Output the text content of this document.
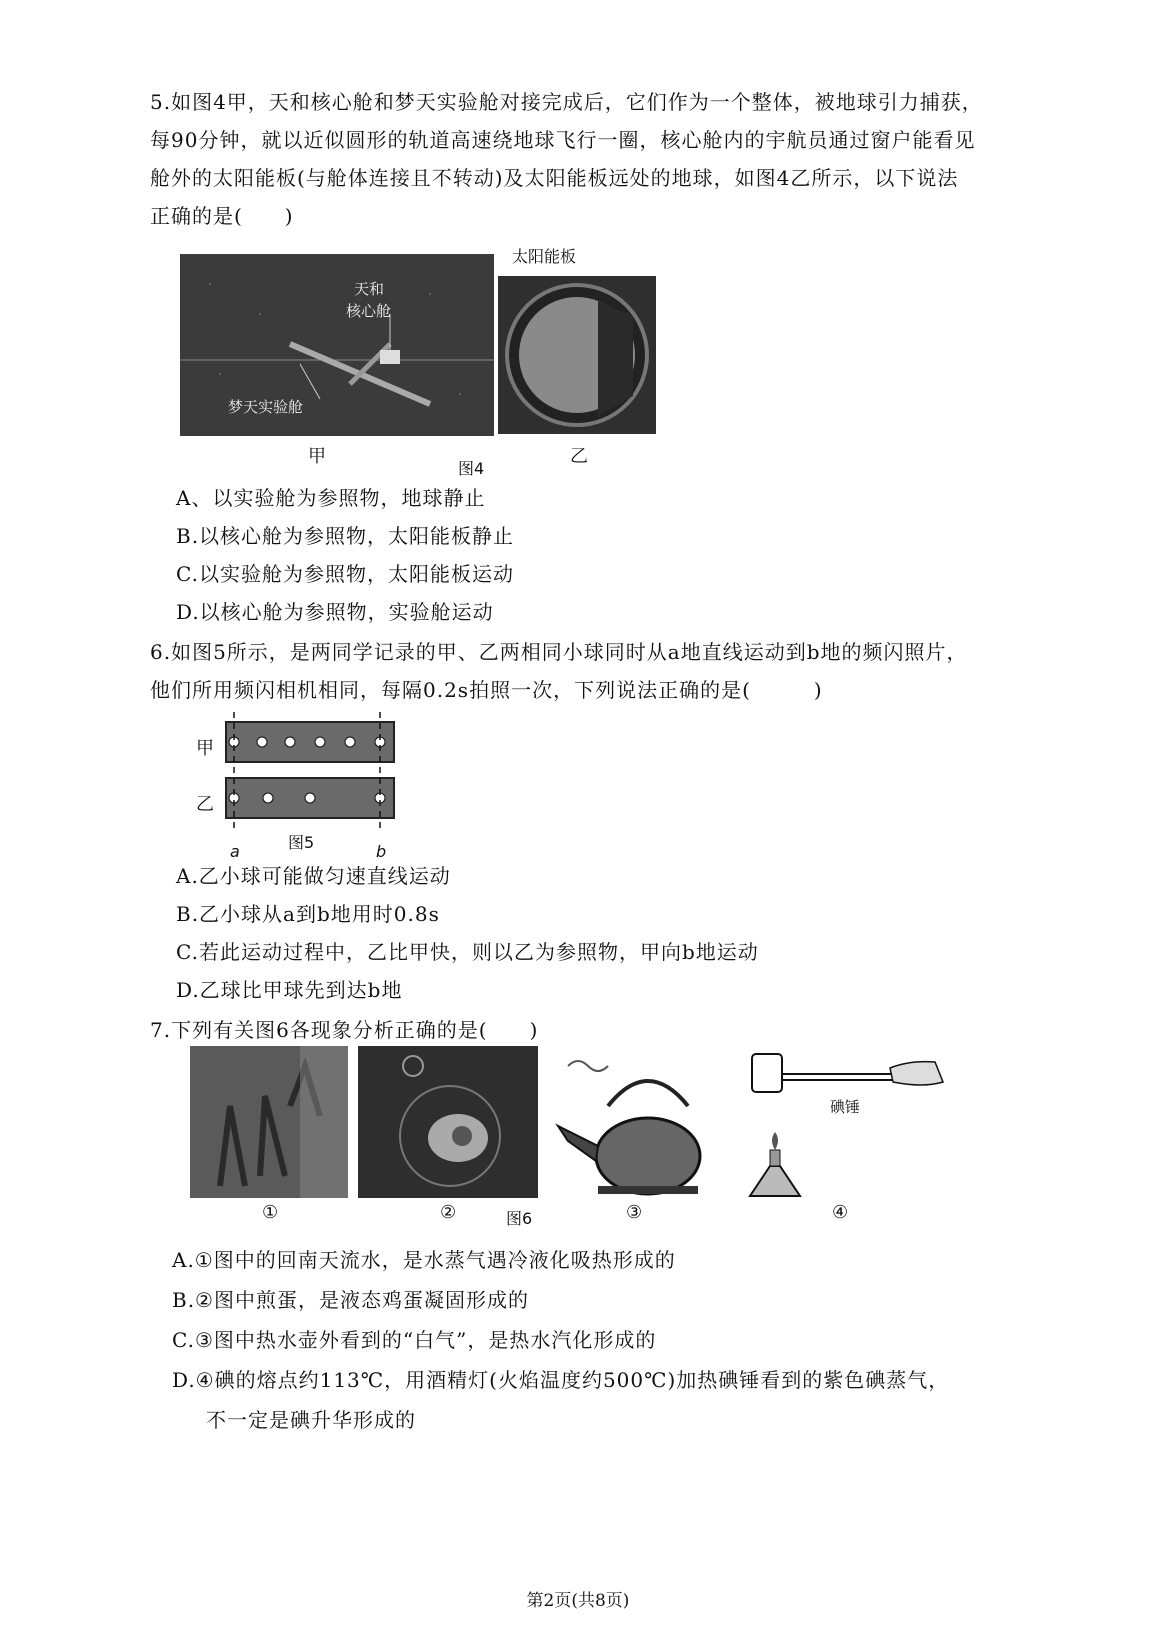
5.如图4甲，天和核心舱和梦天实验舱对接完成后，它们作为一个整体，被地球引力捕获，
每90分钟，就以近似圆形的轨道高速绕地球飞行一圈，核心舱内的宇航员通过窗户能看见
舱外的太阳能板(与舱体连接且不转动)及太阳能板远处的地球，如图4乙所示，以下说法
正确的是(　　)
天和
核心舱
梦天实验舱
太阳能板
甲
图4
乙
A、以实验舱为参照物，地球静止
B.以核心舱为参照物，太阳能板静止
C.以实验舱为参照物，太阳能板运动
D.以核心舱为参照物，实验舱运动
6.如图5所示，是两同学记录的甲、乙两相同小球同时从a地直线运动到b地的频闪照片，
他们所用频闪相机相同，每隔0.2s拍照一次，下列说法正确的是(　　　)
甲
乙
图5
a	b
A.乙小球可能做匀速直线运动
B.乙小球从a到b地用时0.8s
C.若此运动过程中，乙比甲快，则以乙为参照物，甲向b地运动
D.乙球比甲球先到达b地
7.下列有关图6各现象分析正确的是(　　)
碘锤
①	②	图6	③	④
A.①图中的回南天流水，是水蒸气遇冷液化吸热形成的
B.②图中煎蛋，是液态鸡蛋凝固形成的
C.③图中热水壶外看到的“白气”，是热水汽化形成的
D.④碘的熔点约113℃，用酒精灯(火焰温度约500℃)加热碘锤看到的紫色碘蒸气，
不一定是碘升华形成的
第2页(共8页)
